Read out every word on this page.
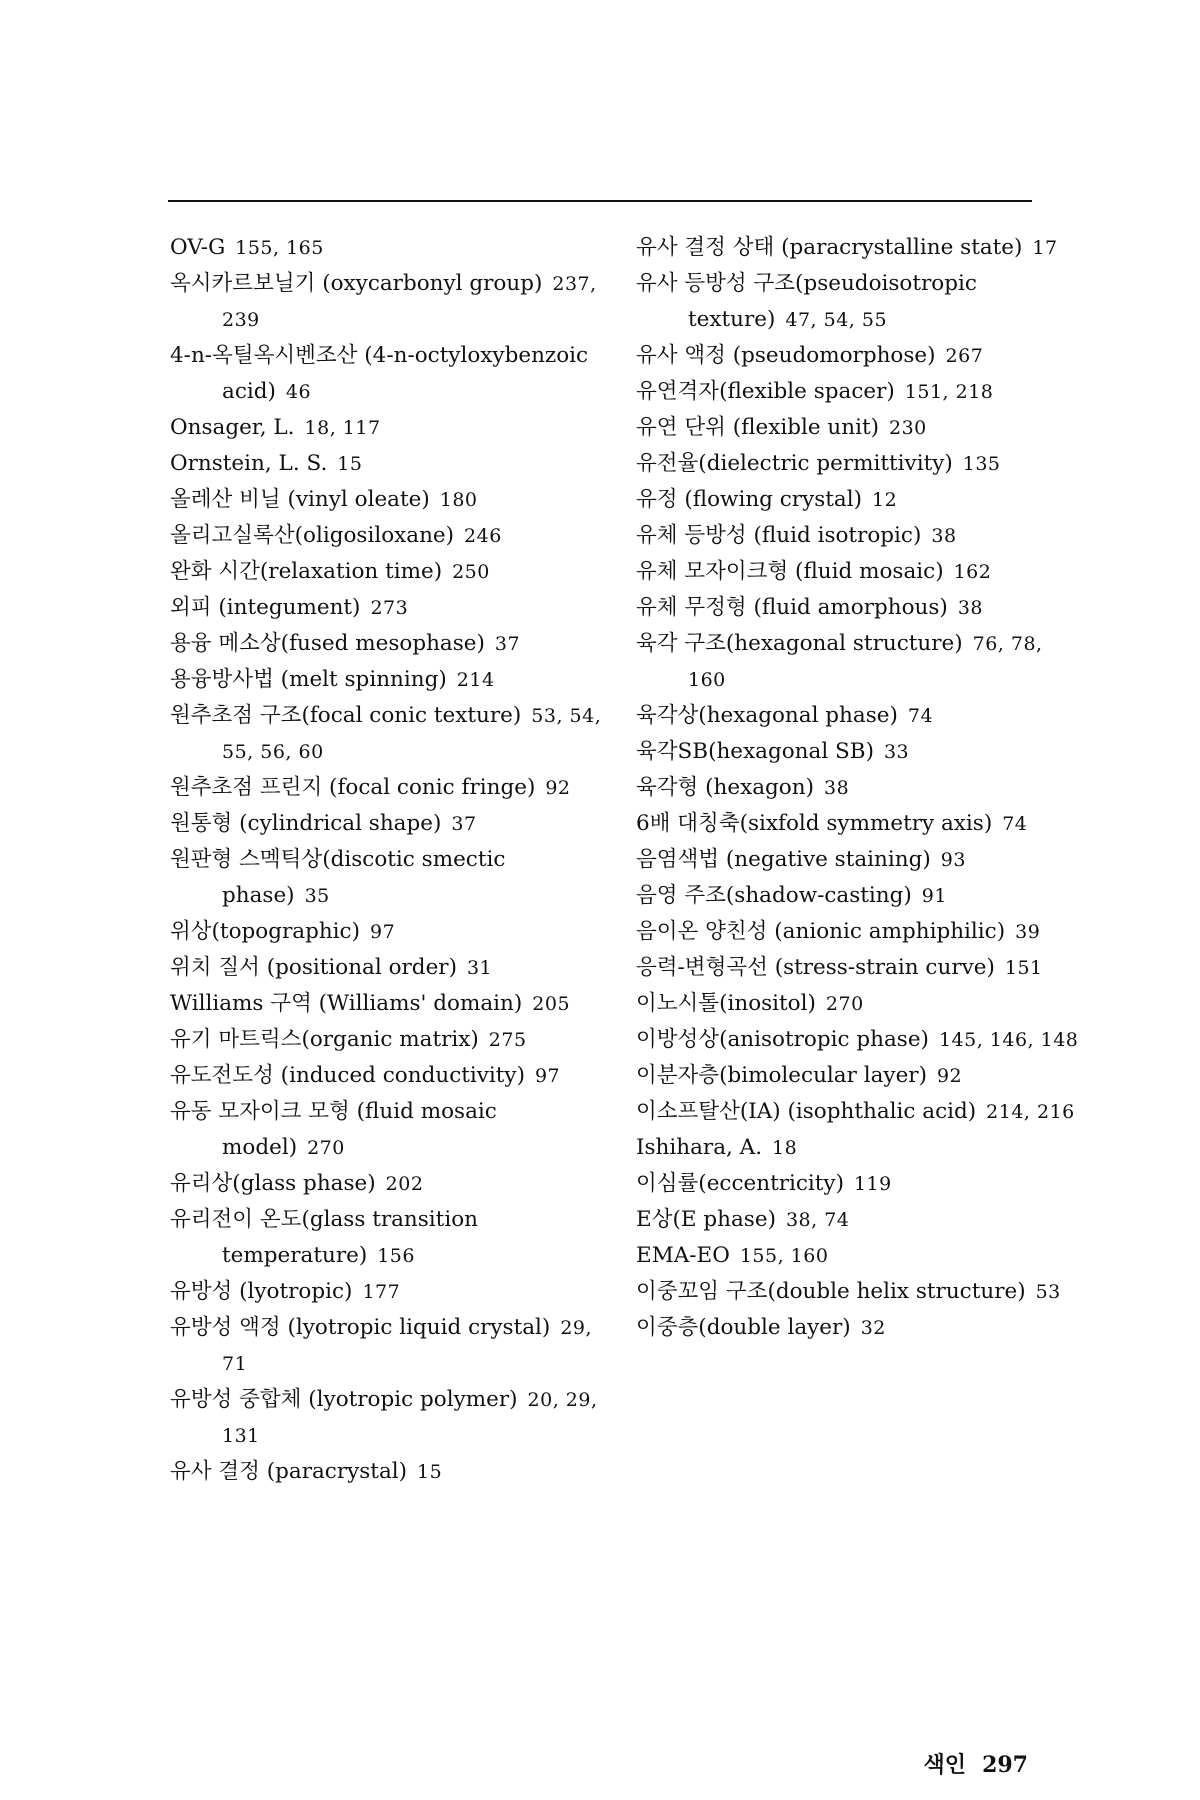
OV-G 155, 165
옥시카르보닐기 (oxycarbonyl group) 237, 239
4-n-옥틸옥시벤조산 (4-n-octyloxybenzoic acid) 46
Onsager, L. 18, 117
Ornstein, L. S. 15
올레산 비닐 (vinyl oleate) 180
올리고실록산(oligosiloxane) 246
완화 시간(relaxation time) 250
외피 (integument) 273
용융 메소상(fused mesophase) 37
용융방사법 (melt spinning) 214
원추초점 구조(focal conic texture) 53, 54, 55, 56, 60
원추초점 프린지 (focal conic fringe) 92
원통형 (cylindrical shape) 37
원판형 스멕틱상(discotic smectic phase) 35
위상(topographic) 97
위치 질서 (positional order) 31
Williams 구역 (Williams' domain) 205
유기 마트릭스(organic matrix) 275
유도전도성 (induced conductivity) 97
유동 모자이크 모형 (fluid mosaic model) 270
유리상(glass phase) 202
유리전이 온도(glass transition temperature) 156
유방성 (lyotropic) 177
유방성 액정 (lyotropic liquid crystal) 29, 71
유방성 중합체 (lyotropic polymer) 20, 29, 131
유사 결정 (paracrystal) 15
유사 결정 상태 (paracrystalline state) 17
유사 등방성 구조(pseudoisotropic texture) 47, 54, 55
유사 액정 (pseudomorphose) 267
유연격자(flexible spacer) 151, 218
유연 단위 (flexible unit) 230
유전율(dielectric permittivity) 135
유정 (flowing crystal) 12
유체 등방성 (fluid isotropic) 38
유체 모자이크형 (fluid mosaic) 162
유체 무정형 (fluid amorphous) 38
육각 구조(hexagonal structure) 76, 78, 160
육각상(hexagonal phase) 74
육각SB(hexagonal SB) 33
육각형 (hexagon) 38
6배 대칭축(sixfold symmetry axis) 74
음염색법 (negative staining) 93
음영 주조(shadow-casting) 91
음이온 양친성 (anionic amphiphilic) 39
응력-변형곡선 (stress-strain curve) 151
이노시톨(inositol) 270
이방성상(anisotropic phase) 145, 146, 148
이분자층(bimolecular layer) 92
이소프탈산(IA) (isophthalic acid) 214, 216
Ishihara, A. 18
이심률(eccentricity) 119
E상(E phase) 38, 74
EMA-EO 155, 160
이중꼬임 구조(double helix structure) 53
이중층(double layer) 32
색인 297
